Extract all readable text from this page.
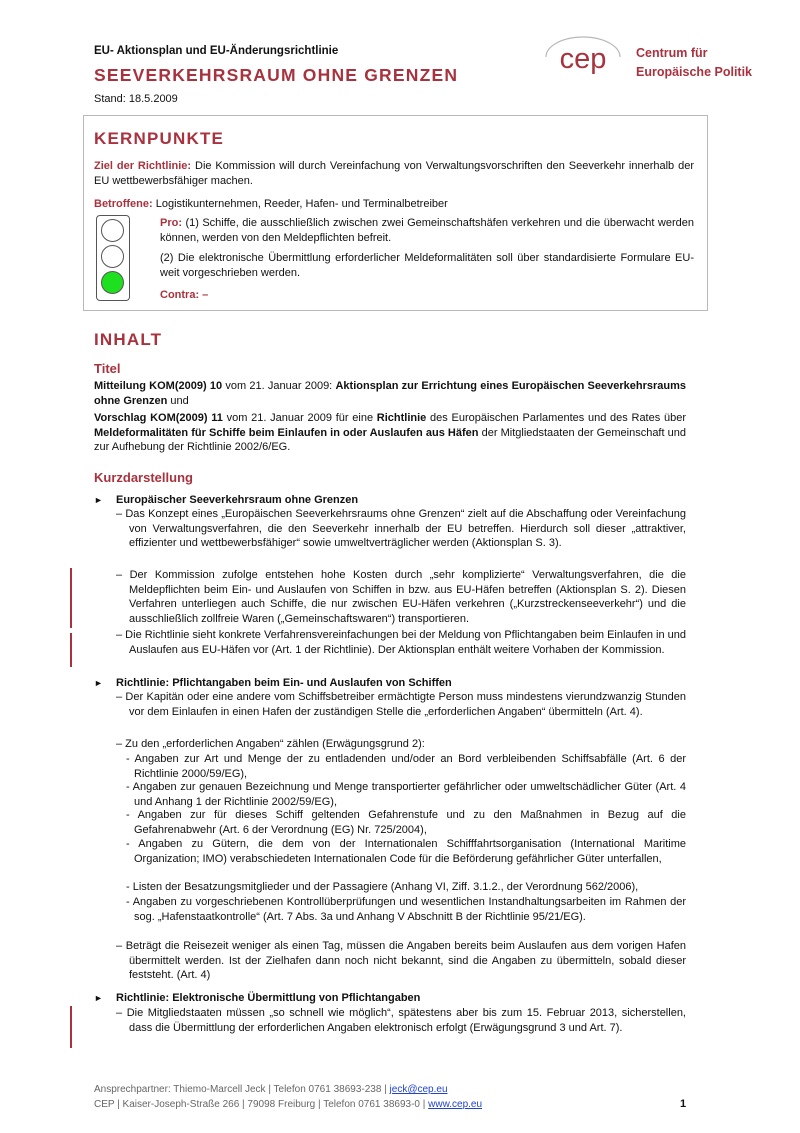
EU- Aktionsplan und EU-Änderungsrichtlinie
SEEVERKEHRSRAUM OHNE GRENZEN
Stand: 18.5.2009
cep Centrum für
Europäische Politik
KERNPUNKTE
Ziel der Richtlinie: Die Kommission will durch Vereinfachung von Verwaltungsvorschriften den Seeverkehr innerhalb der EU wettbewerbsfähiger machen.
Betroffene: Logistikunternehmen, Reeder, Hafen- und Terminalbetreiber
Pro: (1) Schiffe, die ausschließlich zwischen zwei Gemeinschaftshäfen verkehren und die überwacht werden können, werden von den Meldepflichten befreit.
(2) Die elektronische Übermittlung erforderlicher Meldeformalitäten soll über standardisierte Formulare EU-weit vorgeschrieben werden.
Contra: –
INHALT
Titel
Mitteilung KOM(2009) 10 vom 21. Januar 2009: Aktionsplan zur Errichtung eines Europäischen Seeverkehrsraums ohne Grenzen und
Vorschlag KOM(2009) 11 vom 21. Januar 2009 für eine Richtlinie des Europäischen Parlamentes und des Rates über Meldeformalitäten für Schiffe beim Einlaufen in oder Auslaufen aus Häfen der Mitgliedstaaten der Gemeinschaft und zur Aufhebung der Richtlinie 2002/6/EG.
Kurzdarstellung
► Europäischer Seeverkehrsraum ohne Grenzen
– Das Konzept eines „Europäischen Seeverkehrsraums ohne Grenzen“ zielt auf die Abschaffung oder Vereinfachung von Verwaltungsverfahren, die den Seeverkehr innerhalb der EU betreffen. Hierdurch soll dieser „attraktiver, effizienter und wettbewerbsfähiger“ sowie umweltverträglicher werden (Aktionsplan S. 3).
– Der Kommission zufolge entstehen hohe Kosten durch „sehr komplizierte“ Verwaltungsverfahren, die die Meldepflichten beim Ein- und Auslaufen von Schiffen in bzw. aus EU-Häfen betreffen (Aktionsplan S. 2). Diesen Verfahren unterliegen auch Schiffe, die nur zwischen EU-Häfen verkehren („Kurzstreckenseeverkehr“) und die ausschließlich zollfreie Waren („Gemeinschaftswaren“) transportieren.
– Die Richtlinie sieht konkrete Verfahrensvereinfachungen bei der Meldung von Pflichtangaben beim Einlaufen in und Auslaufen aus EU-Häfen vor (Art. 1 der Richtlinie). Der Aktionsplan enthält weitere Vorhaben der Kommission.
► Richtlinie: Pflichtangaben beim Ein- und Auslaufen von Schiffen
– Der Kapitän oder eine andere vom Schiffsbetreiber ermächtigte Person muss mindestens vierundzwanzig Stunden vor dem Einlaufen in einen Hafen der zuständigen Stelle die „erforderlichen Angaben“ übermitteln (Art. 4).
– Zu den „erforderlichen Angaben“ zählen (Erwägungsgrund 2):
- Angaben zur Art und Menge der zu entladenden und/oder an Bord verbleibenden Schiffsabfälle (Art. 6 der Richtlinie 2000/59/EG),
- Angaben zur genauen Bezeichnung und Menge transportierter gefährlicher oder umweltschädlicher Güter (Art. 4 und Anhang 1 der Richtlinie 2002/59/EG),
- Angaben zur für dieses Schiff geltenden Gefahrenstufe und zu den Maßnahmen in Bezug auf die Gefahrenabwehr (Art. 6 der Verordnung (EG) Nr. 725/2004),
- Angaben zu Gütern, die dem von der Internationalen Schifffahrtsorganisation (International Maritime Organization; IMO) verabschiedeten Internationalen Code für die Beförderung gefährlicher Güter unterfallen,
- Listen der Besatzungsmitglieder und der Passagiere (Anhang VI, Ziff. 3.1.2., der Verordnung 562/2006),
- Angaben zu vorgeschriebenen Kontrollüberprüfungen und wesentlichen Instandhaltungsarbeiten im Rahmen der sog. „Hafenstaatkontrolle“ (Art. 7 Abs. 3a und Anhang V Abschnitt B der Richtlinie 95/21/EG).
– Beträgt die Reisezeit weniger als einen Tag, müssen die Angaben bereits beim Auslaufen aus dem vorigen Hafen übermittelt werden. Ist der Zielhafen dann noch nicht bekannt, sind die Angaben zu übermitteln, sobald dieser feststeht. (Art. 4)
► Richtlinie: Elektronische Übermittlung von Pflichtangaben
– Die Mitgliedstaaten müssen „so schnell wie möglich“, spätestens aber bis zum 15. Februar 2013, sicherstellen, dass die Übermittlung der erforderlichen Angaben elektronisch erfolgt (Erwägungsgrund 3 und Art. 7).
Ansprechpartner: Thiemo-Marcell Jeck | Telefon 0761 38693-238 | jeck@cep.eu
CEP | Kaiser-Joseph-Straße 266 | 79098 Freiburg | Telefon 0761 38693-0 | www.cep.eu	1
